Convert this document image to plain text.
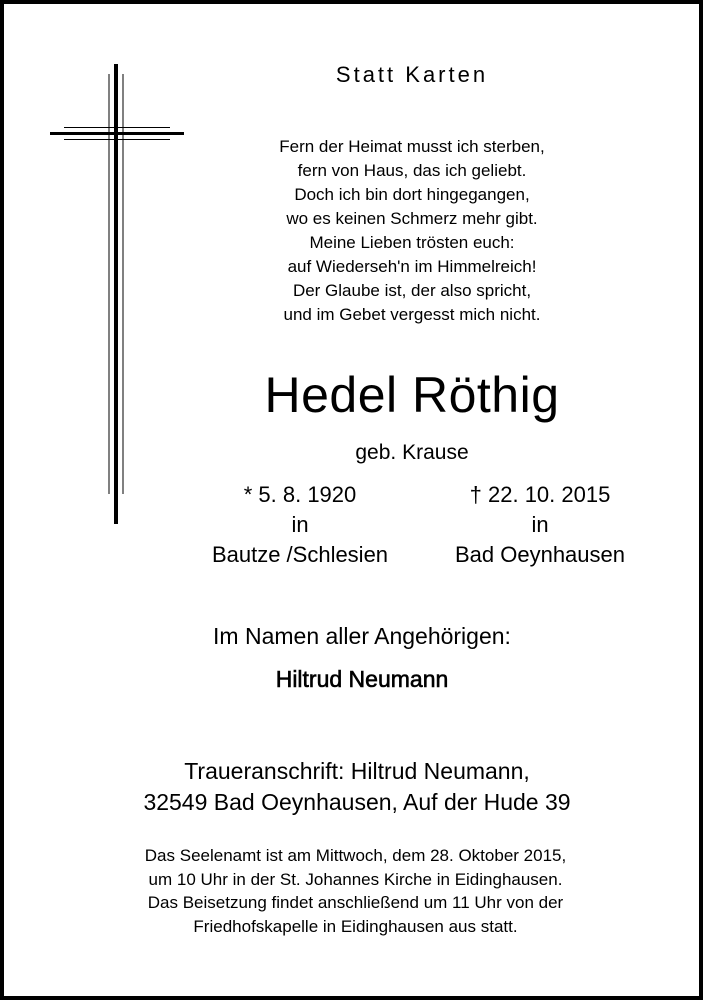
Statt Karten
Fern der Heimat musst ich sterben,
fern von Haus, das ich geliebt.
Doch ich bin dort hingegangen,
wo es keinen Schmerz mehr gibt.
Meine Lieben trösten euch:
auf Wiederseh'n im Himmelreich!
Der Glaube ist, der also spricht,
und im Gebet vergesst mich nicht.
Hedel Röthig
geb. Krause
* 5. 8. 1920
in
Bautze /Schlesien
† 22. 10. 2015
in
Bad Oeynhausen
Im Namen aller Angehörigen:
Hiltrud Neumann
Traueranschrift: Hiltrud Neumann,
32549 Bad Oeynhausen, Auf der Hude 39
Das Seelenamt ist am Mittwoch, dem 28. Oktober 2015,
um 10 Uhr in der St. Johannes Kirche in Eidinghausen.
Das Beisetzung findet anschließend um 11 Uhr von der
Friedhofskapelle in Eidinghausen aus statt.
